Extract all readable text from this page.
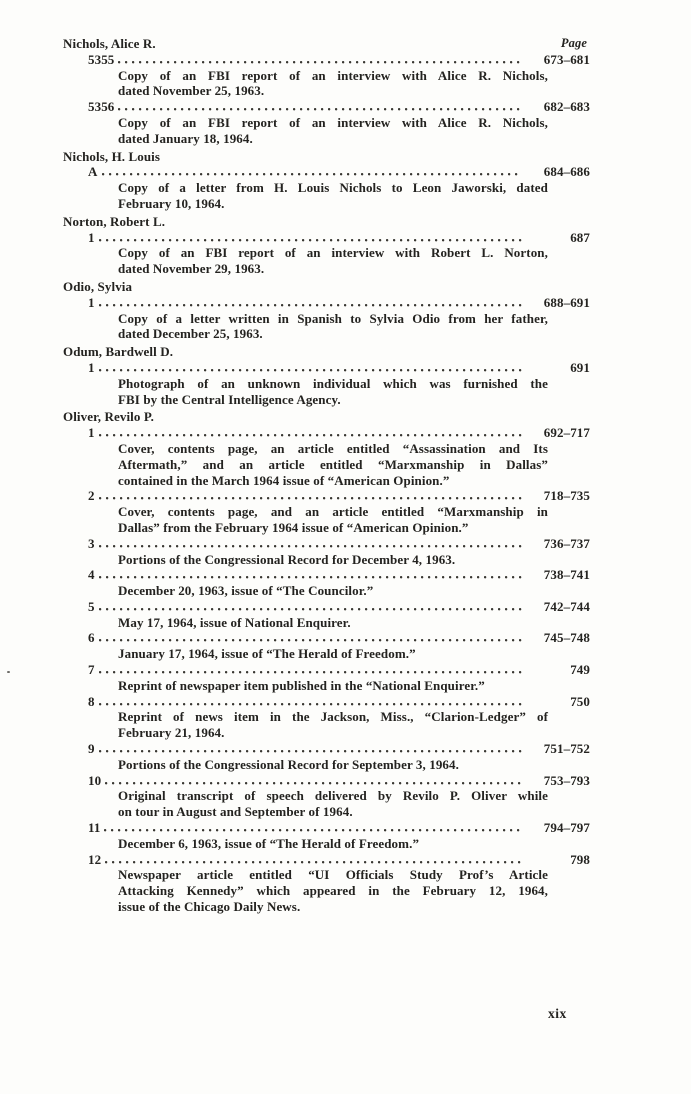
Page
Nichols, Alice R.
5355	673–681
Copy of an FBI report of an interview with Alice R. Nichols,
dated November 25, 1963.
5356	682–683
Copy of an FBI report of an interview with Alice R. Nichols,
dated January 18, 1964.
Nichols, H. Louis
A	684–686
Copy of a letter from H. Louis Nichols to Leon Jaworski, dated
February 10, 1964.
Norton, Robert L.
1	687
Copy of an FBI report of an interview with Robert L. Norton,
dated November 29, 1963.
Odio, Sylvia
1	688–691
Copy of a letter written in Spanish to Sylvia Odio from her father,
dated December 25, 1963.
Odum, Bardwell D.
1	691
Photograph of an unknown individual which was furnished the
FBI by the Central Intelligence Agency.
Oliver, Revilo P.
1	692–717
Cover, contents page, an article entitled “Assassination and Its
Aftermath,” and an article entitled “Marxmanship in Dallas”
contained in the March 1964 issue of “American Opinion.”
2	718–735
Cover, contents page, and an article entitled “Marxmanship in
Dallas” from the February 1964 issue of “American Opinion.”
3	736–737
Portions of the Congressional Record for December 4, 1963.
4	738–741
December 20, 1963, issue of “The Councilor.”
5	742–744
May 17, 1964, issue of National Enquirer.
6	745–748
January 17, 1964, issue of “The Herald of Freedom.”
7	749
Reprint of newspaper item published in the “National Enquirer.”
8	750
Reprint of news item in the Jackson, Miss., “Clarion-Ledger” of
February 21, 1964.
9	751–752
Portions of the Congressional Record for September 3, 1964.
10	753–793
Original transcript of speech delivered by Revilo P. Oliver while
on tour in August and September of 1964.
11	794–797
December 6, 1963, issue of “The Herald of Freedom.”
12	798
Newspaper article entitled “UI Officials Study Prof’s Article
Attacking Kennedy” which appeared in the February 12, 1964,
issue of the Chicago Daily News.
xix
